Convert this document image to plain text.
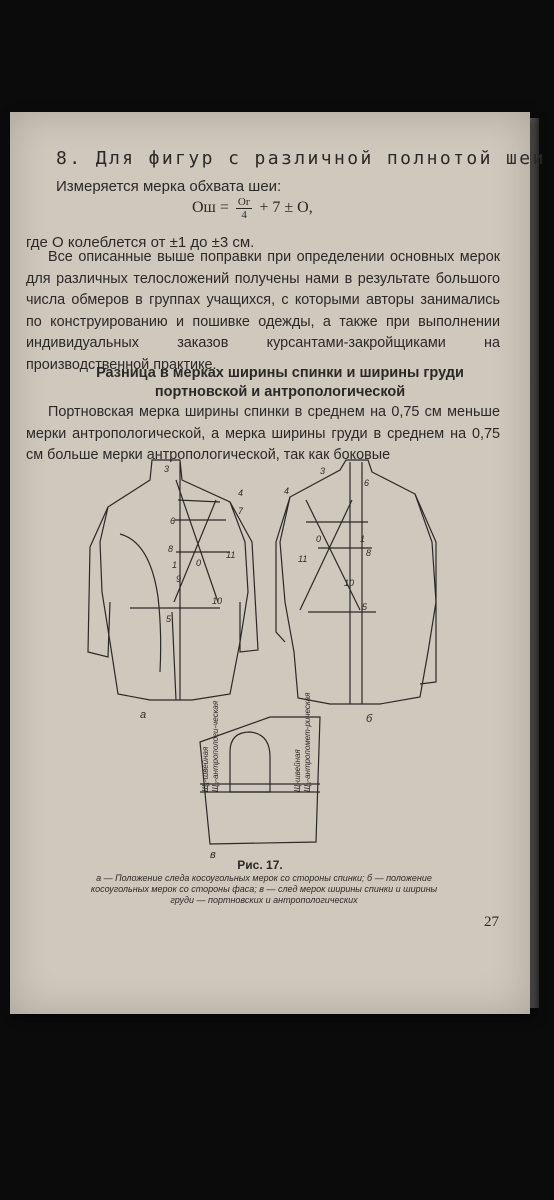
8. Для фигур с различной полнотой шеи
Измеряется мерка обхвата шеи:
Ош = $\frac{Ог}{4} + 7 \pm О$,
где О колеблется от ±1 до ±3 см.
Все описанные выше поправки при определении основных мерок для различных телосложений получены нами в результате большого числа обмеров в группах учащихся, с которыми авторы занимались по конструированию и пошивке одежды, а также при выполнении индивидуальных заказов курсантами-закройщиками на производственной практике.
Разница в мерках ширины спинки и ширины груди портновской и антропологической
Портновская мерка ширины спинки в среднем на 0,75 см меньше мерки антропологической, а мерка ширины груди в среднем на 0,75 см больше мерки антропологической, так как боковые
3
4
6
7
8
1 0
11
10
5
9
3
6
4
0	1
8
11
10
5
а	б
в
Щ₁-швейная Щ₂-антропологи-ческая	Щ-швейная Щ₂-антропомет-рическая
Рис. 17.
а — Положение следа косоугольных мерок со стороны спинки; б — положение косоугольных мерок со стороны фаса; в — след мерок ширины спинки и ширины груди — портновских и антропологических
27
